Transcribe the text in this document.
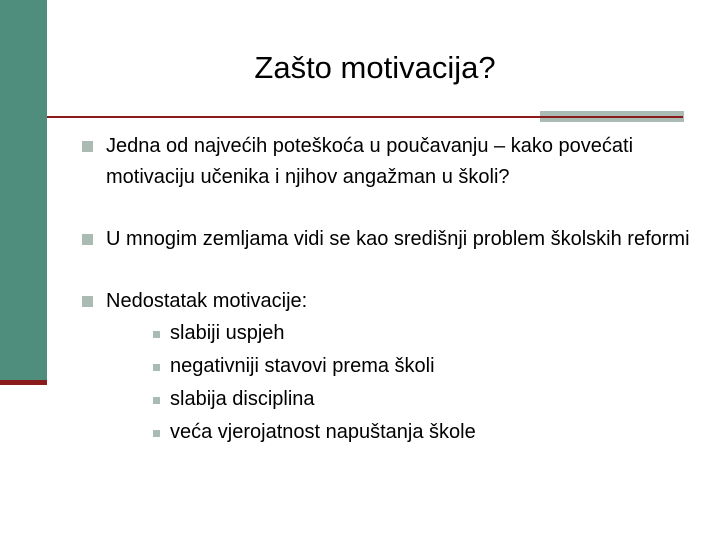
Zašto motivacija?
Jedna od najvećih poteškoća u poučavanju – kako povećati motivaciju učenika i njihov angažman u školi?
U mnogim zemljama vidi se kao središnji problem školskih reformi
Nedostatak motivacije:
slabiji uspjeh
negativniji stavovi prema školi
slabija disciplina
veća vjerojatnost napuštanja škole
